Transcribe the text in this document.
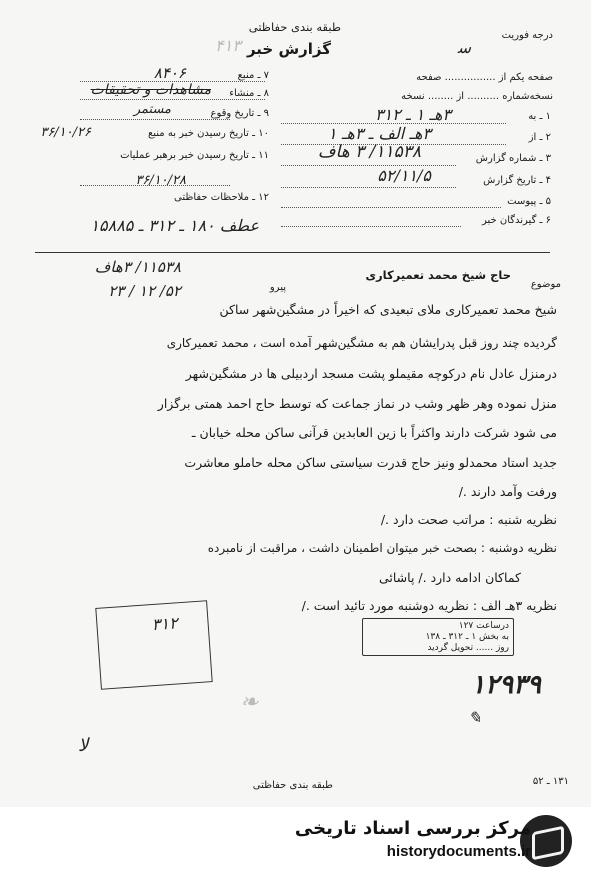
طبقه بندی حفاظتی
گزارش خبر
درجه فوریت
ﺳ
صفحه یکم از ................ صفحه
نسخه‌شماره .......... از ........ نسخه
۴۱۳
۱ ـ به
۳هـ ۱ ـ ۳۱۲
۲ ـ از
۳هـ الف ـ ۳هـ ۱
۳ ـ شماره گزارش
۱۱۵۳۸/ ۳ هاف
۴ ـ تاریخ گزارش
۵۲/۱۱/۵
۵ ـ پیوست
۶ ـ گیرندگان خبر
۷ ـ منبع
۸۴۰۶
۸ ـ منشاء
مشاهدات و تحقیقات
۹ ـ تاریخ وقوع
مستمر
۱۰ ـ تاریخ رسیدن خبر به منبع
۳۶/۱۰/۲۶
۱۱ ـ تاریخ رسیدن خبر برهبر عملیات
۳۶/۱۰/۲۸
۱۲ ـ ملاحظات حفاظتی
عطف ۱۸۰ ـ ۳۱۲ ـ ۱۵۸۸۵
۱۱۵۳۸/ ۳هاف
پیرو
۵۲/ ۱۲ / ۲۳	موضوع
حاج شیخ محمد تعمیرکاری
شیخ محمد تعمیرکاری ملای تبعیدی که اخیراً در مشگین‌شهر ساکن
گردیده چند روز قبل پدرایشان هم به مشگین‌شهر آمده است ، محمد تعمیرکاری
درمنزل عادل نام درکوچه مقیملو پشت مسجد اردبیلی ها در مشگین‌شهر
منزل نموده وهر ظهر وشب در نماز جماعت که توسط حاج احمد همتی برگزار
می شود شرکت دارند واکثراً با زین العابدین قرآنی ساکن محله خیابان ـ
جدید استاد محمدلو ونیز حاج قدرت سیاستی ساکن محله حاملو معاشرت
ورفت وآمد دارند ./
نظریه شنبه : مراتب صحت دارد ./
نظریه دوشنبه : بصحت خبر میتوان اطمینان داشت ، مراقبت از نامبرده
کماکان ادامه دارد ./ پاشائی
نظریه ۳هـ الف : نظریه دوشنبه مورد تائید است ./
درساعت ۱۲۷
به بخش ۱ ـ ۳۱۲ ـ ۱۳۸
روز ...... تحویل گردید
۳۱۲
۱۲۹۳۹
❧
✎
ﻻ
طبقه بندی حفاظتی	۱۳۱ ـ ۵۲
مرکز بررسی اسناد تاریخی
historydocuments.ir
